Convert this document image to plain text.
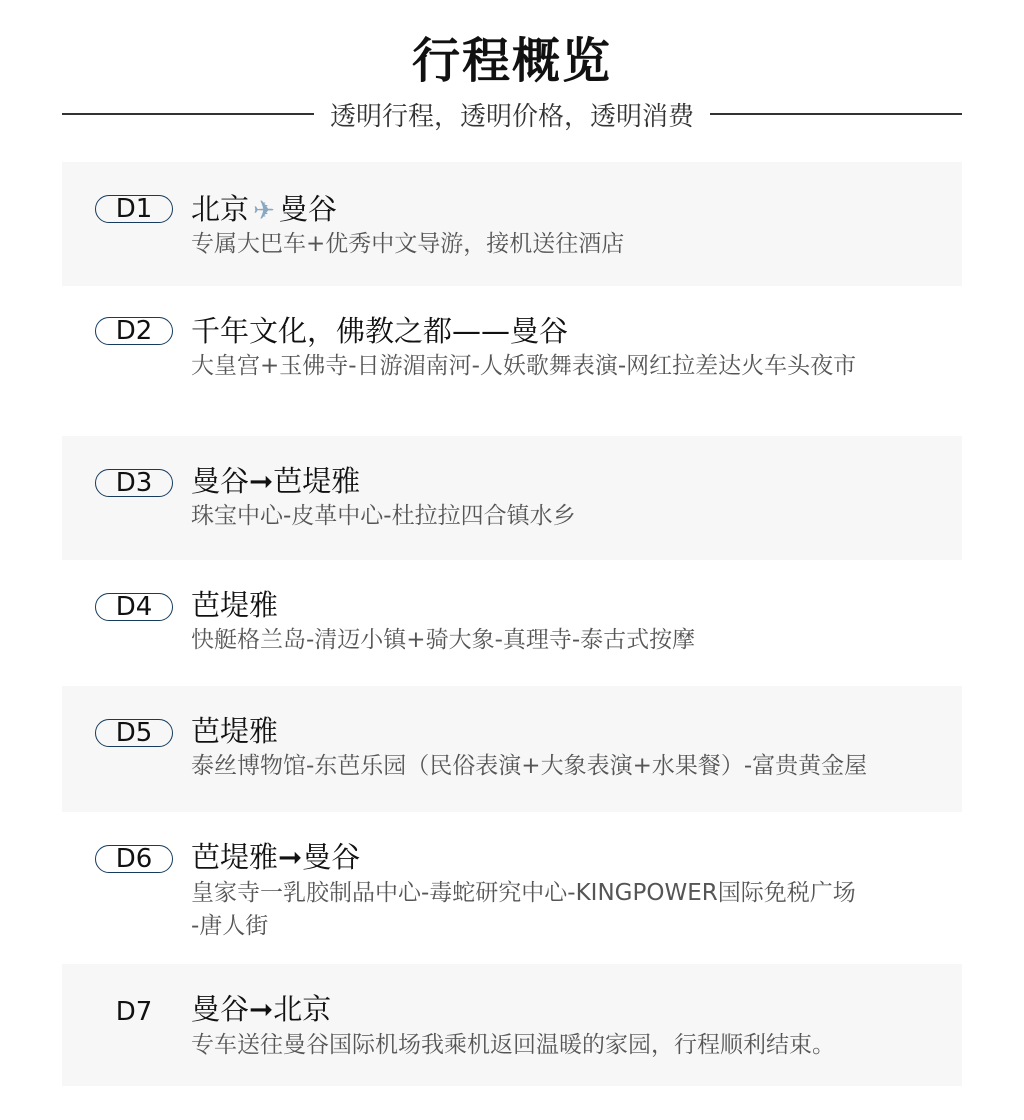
行程概览
透明行程，透明价格，透明消费
D1	北京 ✈ 曼谷
专属大巴车+优秀中文导游，接机送往酒店
D2	千年文化，佛教之都——曼谷
大皇宫+玉佛寺-日游湄南河-人妖歌舞表演-网红拉差达火车头夜市
D3	曼谷➞芭堤雅
珠宝中心-皮革中心-杜拉拉四合镇水乡
D4	芭堤雅
快艇格兰岛-清迈小镇+骑大象-真理寺-泰古式按摩
D5	芭堤雅
泰丝博物馆-东芭乐园（民俗表演+大象表演+水果餐）-富贵黄金屋
D6	芭堤雅➞曼谷
皇家寺一乳胶制品中心-毒蛇研究中心-KINGPOWER国际免税广场
-唐人街
D7	曼谷➞北京
专车送往曼谷国际机场我乘机返回温暖的家园，行程顺利结束。
